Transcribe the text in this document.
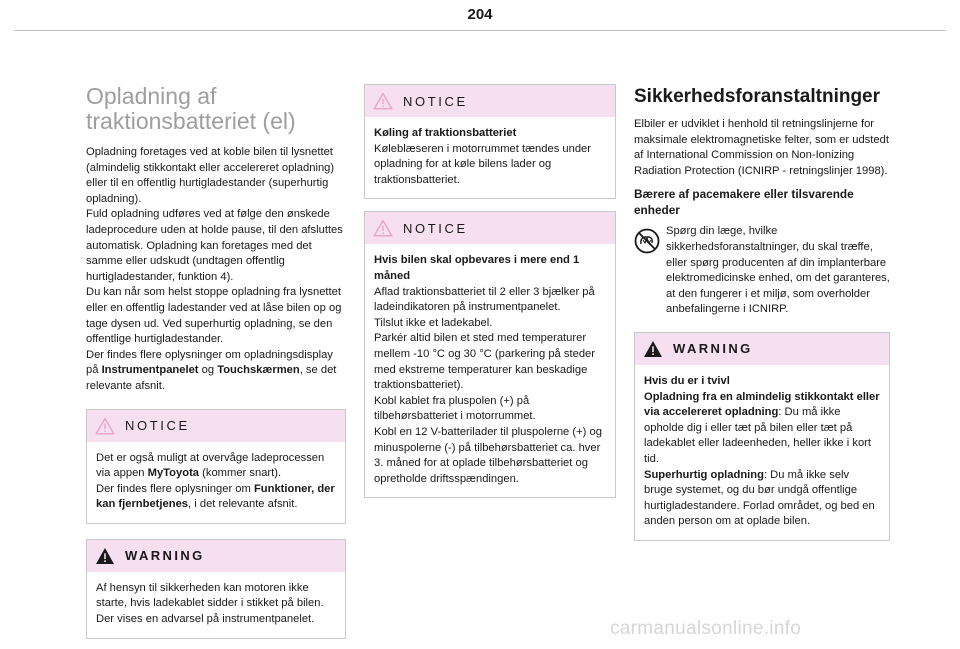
204
Opladning af
traktionsbatteriet (el)

Opladning foretages ved at koble bilen til lysnettet (almindelig stikkontakt eller accelereret opladning) eller til en offentlig hurtigladestander (superhurtig opladning).
Fuld opladning udføres ved at følge den ønskede ladeprocedure uden at holde pause, til den afsluttes automatisk. Opladning kan foretages med det samme eller udskudt (undtagen offentlig hurtigladestander, funktion 4).
Du kan når som helst stoppe opladning fra lysnettet eller en offentlig ladestander ved at låse bilen op og tage dysen ud. Ved superhurtig opladning, se den offentlige hurtigladestander.
Der findes flere oplysninger om opladningsdisplay på Instrumentpanelet og Touchskærmen, se det relevante afsnit.

NOTICE
Det er også muligt at overvåge ladeprocessen via appen MyToyota (kommer snart).
Der findes flere oplysninger om Funktioner, der kan fjernbetjenes, i det relevante afsnit.
WARNING
Af hensyn til sikkerheden kan motoren ikke starte, hvis ladekablet sidder i stikket på bilen. Der vises en advarsel på instrumentpanelet.
NOTICE
Køling af traktionsbatteriet
Køleblæseren i motorrummet tændes under opladning for at køle bilens lader og traktionsbatteriet.
NOTICE
Hvis bilen skal opbevares i mere end 1 måned
Aflad traktionsbatteriet til 2 eller 3 bjælker på ladeindikatoren på instrumentpanelet.
Tilslut ikke et ladekabel.
Parkér altid bilen et sted med temperaturer mellem -10 °C og 30 °C (parkering på steder med ekstreme temperaturer kan beskadige traktionsbatteriet).
Kobl kablet fra pluspolen (+) på tilbehørsbatteriet i motorrummet.
Kobl en 12 V-batterilader til pluspolerne (+) og minuspolerne (-) på tilbehørsbatteriet ca. hver 3. måned for at oplade tilbehørsbatteriet og opretholde driftsspændingen.
Sikkerhedsforanstaltninger

Elbiler er udviklet i henhold til retningslinjerne for maksimale elektromagnetiske felter, som er udstedt af International Commission on Non-Ionizing Radiation Protection (ICNIRP - retningslinjer 1998).

Bærere af pacemakere eller tilsvarende enheder

Spørg din læge, hvilke sikkerhedsforanstaltninger, du skal træffe, eller spørg producenten af din implanterbare elektromedicinske enhed, om det garanteres, at den fungerer i et miljø, som overholder anbefalingerne i ICNIRP.

WARNING
Hvis du er i tvivl
Opladning fra en almindelig stikkontakt eller via accelereret opladning: Du må ikke opholde dig i eller tæt på bilen eller tæt på ladekablet eller ladeenheden, heller ikke i kort tid.
Superhurtig opladning: Du må ikke selv bruge systemet, og du bør undgå offentlige hurtigladestandere. Forlad området, og bed en anden person om at oplade bilen.
carmanualsonline.info
